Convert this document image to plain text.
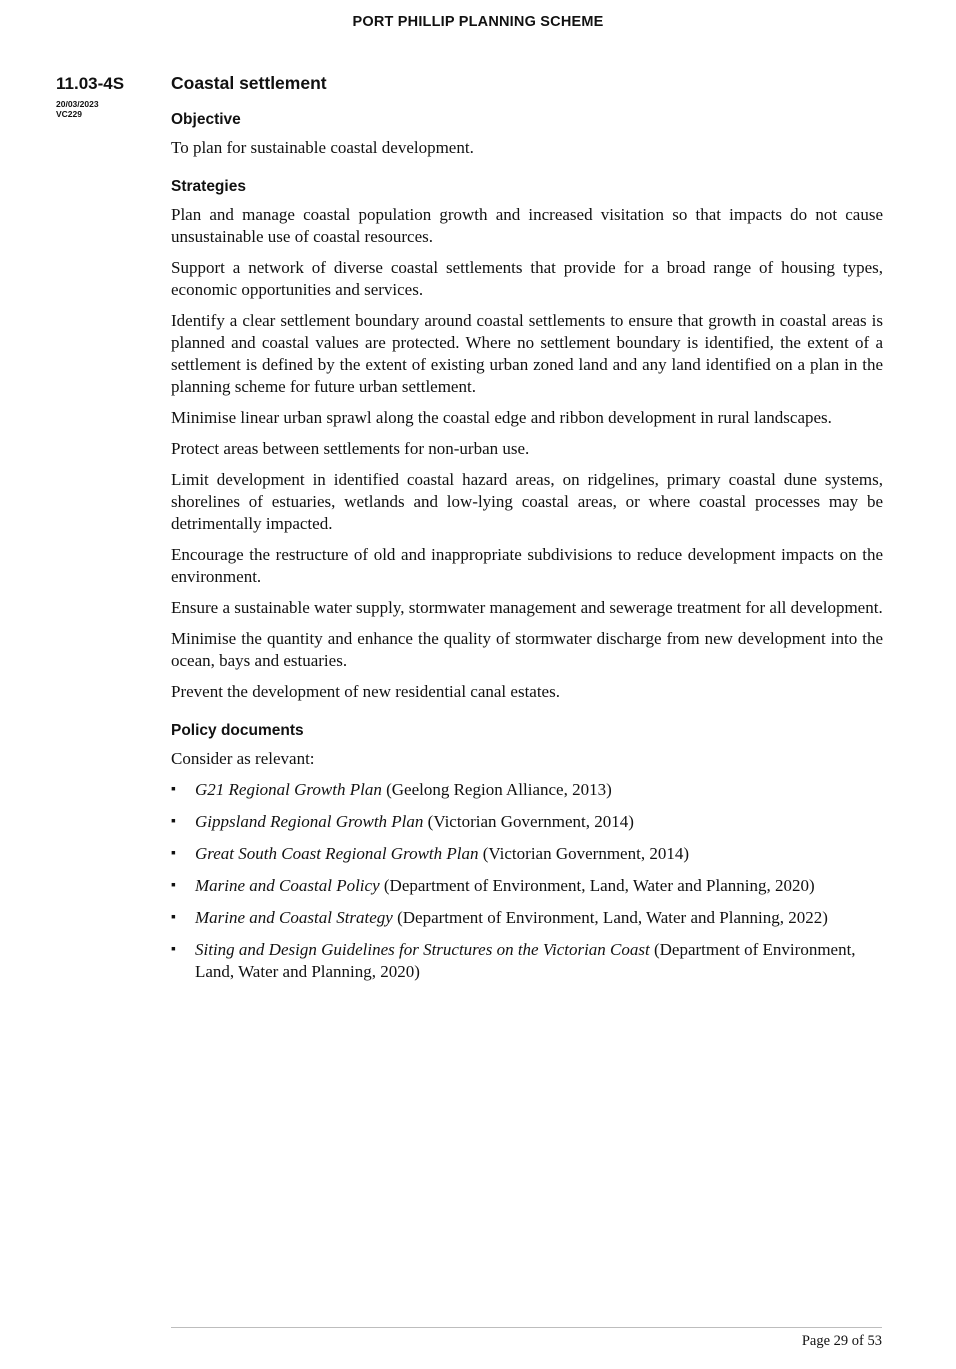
PORT PHILLIP PLANNING SCHEME
11.03-4S
20/03/2023
VC229
Coastal settlement
Objective

To plan for sustainable coastal development.

Strategies

Plan and manage coastal population growth and increased visitation so that impacts do not cause unsustainable use of coastal resources.

Support a network of diverse coastal settlements that provide for a broad range of housing types, economic opportunities and services.

Identify a clear settlement boundary around coastal settlements to ensure that growth in coastal areas is planned and coastal values are protected. Where no settlement boundary is identified, the extent of a settlement is defined by the extent of existing urban zoned land and any land identified on a plan in the planning scheme for future urban settlement.

Minimise linear urban sprawl along the coastal edge and ribbon development in rural landscapes.

Protect areas between settlements for non-urban use.

Limit development in identified coastal hazard areas, on ridgelines, primary coastal dune systems, shorelines of estuaries, wetlands and low-lying coastal areas, or where coastal processes may be detrimentally impacted.

Encourage the restructure of old and inappropriate subdivisions to reduce development impacts on the environment.

Ensure a sustainable water supply, stormwater management and sewerage treatment for all development.

Minimise the quantity and enhance the quality of stormwater discharge from new development into the ocean, bays and estuaries.

Prevent the development of new residential canal estates.

Policy documents

Consider as relevant:

▪ G21 Regional Growth Plan (Geelong Region Alliance, 2013)
▪ Gippsland Regional Growth Plan (Victorian Government, 2014)
▪ Great South Coast Regional Growth Plan (Victorian Government, 2014)
▪ Marine and Coastal Policy (Department of Environment, Land, Water and Planning, 2020)
▪ Marine and Coastal Strategy (Department of Environment, Land, Water and Planning, 2022)
▪ Siting and Design Guidelines for Structures on the Victorian Coast (Department of Environment, Land, Water and Planning, 2020)
Page 29 of 53
